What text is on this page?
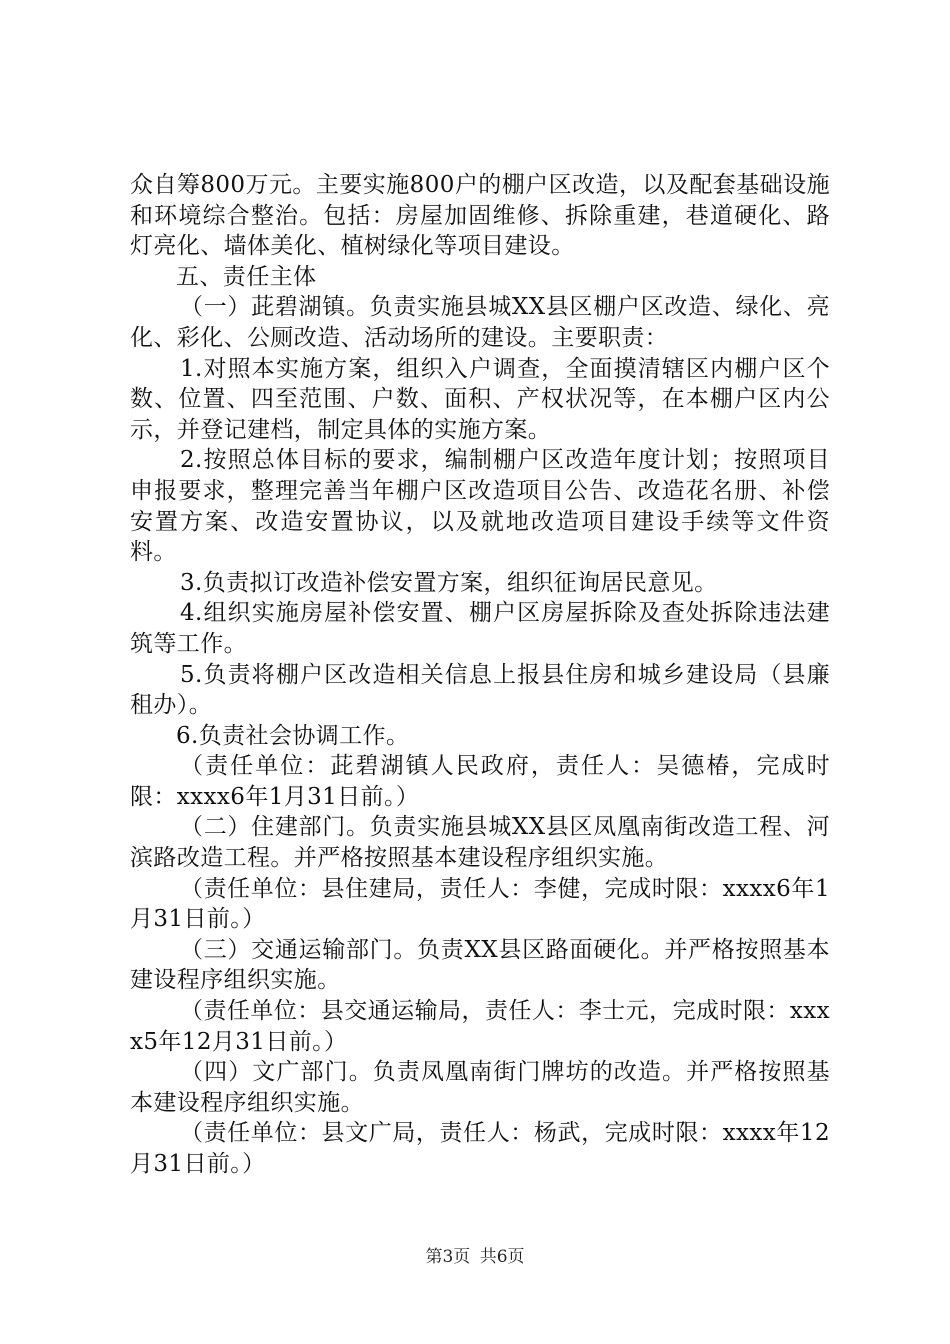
众自筹800万元。主要实施800户的棚户区改造，以及配套基础设施和环境综合整治。包括：房屋加固维修、拆除重建，巷道硬化、路灯亮化、墙体美化、植树绿化等项目建设。

五、责任主体

（一）茈碧湖镇。负责实施县城XX县区棚户区改造、绿化、亮化、彩化、公厕改造、活动场所的建设。主要职责：

1.对照本实施方案，组织入户调查，全面摸清辖区内棚户区个数、位置、四至范围、户数、面积、产权状况等，在本棚户区内公示，并登记建档，制定具体的实施方案。

2.按照总体目标的要求，编制棚户区改造年度计划；按照项目申报要求，整理完善当年棚户区改造项目公告、改造花名册、补偿安置方案、改造安置协议，以及就地改造项目建设手续等文件资料。

3.负责拟订改造补偿安置方案，组织征询居民意见。

4.组织实施房屋补偿安置、棚户区房屋拆除及查处拆除违法建筑等工作。

5.负责将棚户区改造相关信息上报县住房和城乡建设局（县廉租办）。

6.负责社会协调工作。

（责任单位：茈碧湖镇人民政府，责任人：吴德椿，完成时限：xxxx6年1月31日前。）

（二）住建部门。负责实施县城XX县区凤凰南街改造工程、河滨路改造工程。并严格按照基本建设程序组织实施。

（责任单位：县住建局，责任人：李健，完成时限：xxxx6年1月31日前。）

（三）交通运输部门。负责XX县区路面硬化。并严格按照基本建设程序组织实施。

（责任单位：县交通运输局，责任人：李士元，完成时限：xxxx5年12月31日前。）

（四）文广部门。负责凤凰南街门牌坊的改造。并严格按照基本建设程序组织实施。

（责任单位：县文广局，责任人：杨武，完成时限：xxxx年12月31日前。）

第3页 共6页
